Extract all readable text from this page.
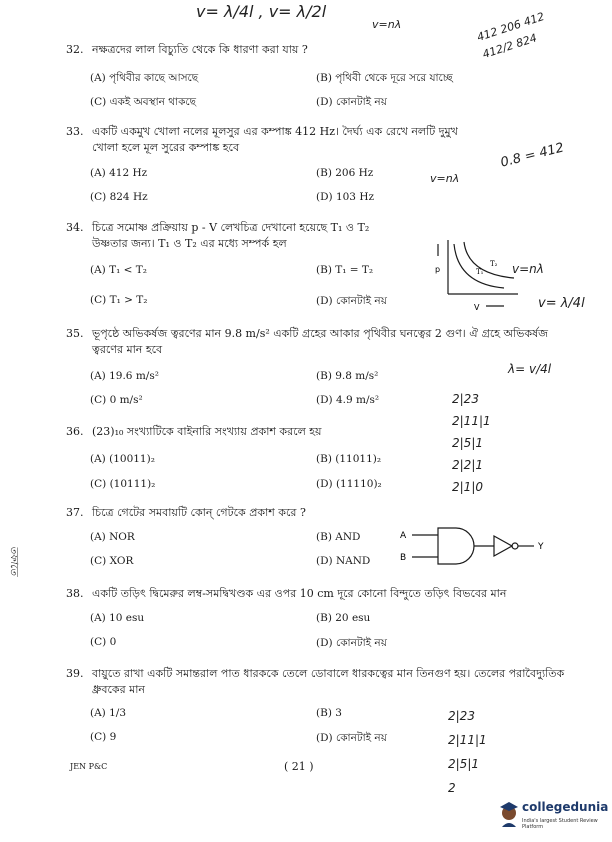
v= λ/4l , v= λ/2l
v=nλ	412 206 412 412/2 824
v=nλ
0.8 = 412
v=nλ
v= λ/4l
λ= v/4l
তফাতে
2|23
2|11|1
2|5|1
2|2|1
2|1|0
2|23
2|11|1
2|5|1
2
32. নক্ষত্রদের লাল বিচ্যুতি থেকে কি ধারণা করা যায় ?
(A) পৃথিবীর কাছে আসছে	(B) পৃথিবী থেকে দূরে সরে যাচ্ছে
(C) একই অবস্থান থাকছে	(D) কোনটাই নয়
33. একটি একমুখ খোলা নলের মূলসুর এর কম্পাঙ্ক 412 Hz। দৈর্ঘ্য এক রেখে নলটি দুমুখ খোলা হলে মূল সুরের কম্পাঙ্ক হবে
(A) 412 Hz	(B) 206 Hz
(C) 824 Hz	(D) 103 Hz
34. চিত্রে সমোষ্ণ প্রক্রিয়ায় p - V লেখচিত্র দেখানো হয়েছে T₁ ও T₂ উষ্ণতার জন্য। T₁ ও T₂ এর মধ্যে সম্পর্ক হল
(A) T₁ < T₂	(B) T₁ = T₂
(C) T₁ > T₂	(D) কোনটাই নয়
p
V
T₁
T₂
35. ভূপৃষ্ঠে অভিকর্ষজ ত্বরণের মান 9.8 m/s² একটি গ্রহের আকার পৃথিবীর ঘনত্বের 2 গুণ। ঐ গ্রহে অভিকর্ষজ ত্বরণের মান হবে
(A) 19.6 m/s²	(B) 9.8 m/s²
(C) 0 m/s²	(D) 4.9 m/s²
36. (23)₁₀ সংখ্যাটিকে বাইনারি সংখ্যায় প্রকাশ করলে হয়
(A) (10011)₂	(B) (11011)₂
(C) (10111)₂	(D) (11110)₂
37. চিত্রে গেটের সমবায়টি কোন্ গেটকে প্রকাশ করে ?
(A) NOR	(B) AND
(C) XOR	(D) NAND
A
B
Y
38. একটি তড়িৎ দ্বিমেরুর লম্ব-সমদ্বিখণ্ডক এর ওপর 10 cm দূরে কোনো বিন্দুতে তড়িৎ বিভবের মান
(A) 10 esu	(B) 20 esu
(C) 0	(D) কোনটাই নয়
39. বায়ুতে রাখা একটি সমান্তরাল পাত ধারককে তেলে ডোবালে ধারকত্বের মান তিনগুণ হয়। তেলের পরাবৈদ্যুতিক ধ্রুবকের মান
(A) 1/3	(B) 3
(C) 9	(D) কোনটাই নয়
JEN P&C	( 21 )
collegedunia
India's largest Student Review Platform
